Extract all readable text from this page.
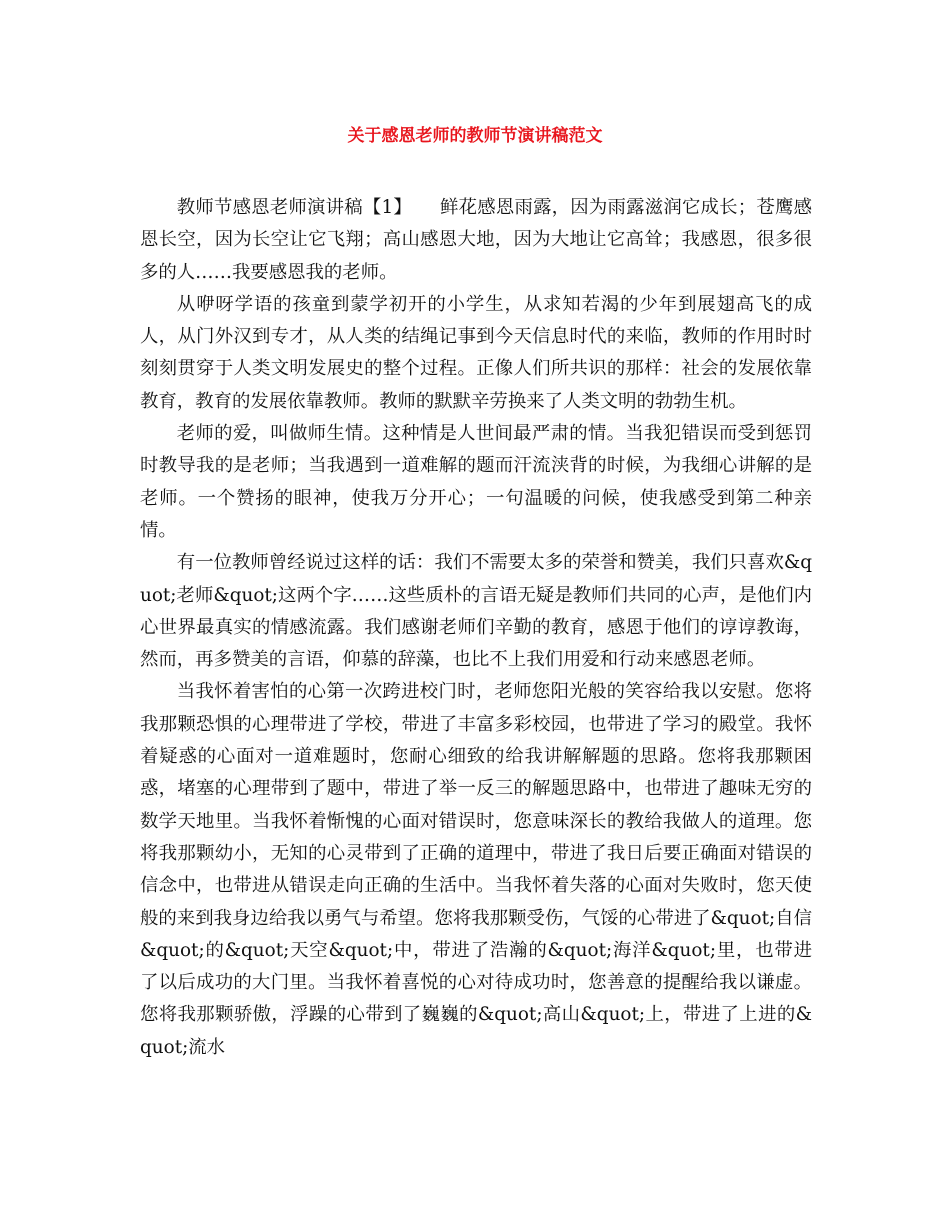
关于感恩老师的教师节演讲稿范文

教师节感恩老师演讲稿【1】　　鲜花感恩雨露，因为雨露滋润它成长；苍鹰感恩长空，因为长空让它飞翔；高山感恩大地，因为大地让它高耸；我感恩，很多很多的人……我要感恩我的老师。

从咿呀学语的孩童到蒙学初开的小学生，从求知若渴的少年到展翅高飞的成人，从门外汉到专才，从人类的结绳记事到今天信息时代的来临，教师的作用时时刻刻贯穿于人类文明发展史的整个过程。正像人们所共识的那样：社会的发展依靠教育，教育的发展依靠教师。教师的默默辛劳换来了人类文明的勃勃生机。

老师的爱，叫做师生情。这种情是人世间最严肃的情。当我犯错误而受到惩罚时教导我的是老师；当我遇到一道难解的题而汗流浃背的时候，为我细心讲解的是老师。一个赞扬的眼神，使我万分开心；一句温暖的问候，使我感受到第二种亲情。

有一位教师曾经说过这样的话：我们不需要太多的荣誉和赞美，我们只喜欢&quot;老师&quot;这两个字……这些质朴的言语无疑是教师们共同的心声，是他们内心世界最真实的情感流露。我们感谢老师们辛勤的教育，感恩于他们的谆谆教诲，然而，再多赞美的言语，仰慕的辞藻，也比不上我们用爱和行动来感恩老师。

当我怀着害怕的心第一次跨进校门时，老师您阳光般的笑容给我以安慰。您将我那颗恐惧的心理带进了学校，带进了丰富多彩校园，也带进了学习的殿堂。我怀着疑惑的心面对一道难题时，您耐心细致的给我讲解解题的思路。您将我那颗困惑，堵塞的心理带到了题中，带进了举一反三的解题思路中，也带进了趣味无穷的数学天地里。当我怀着惭愧的心面对错误时，您意味深长的教给我做人的道理。您将我那颗幼小，无知的心灵带到了正确的道理中，带进了我日后要正确面对错误的信念中，也带进从错误走向正确的生活中。当我怀着失落的心面对失败时，您天使般的来到我身边给我以勇气与希望。您将我那颗受伤，气馁的心带进了&quot;自信&quot;的&quot;天空&quot;中，带进了浩瀚的&quot;海洋&quot;里，也带进了以后成功的大门里。当我怀着喜悦的心对待成功时，您善意的提醒给我以谦虚。您将我那颗骄傲，浮躁的心带到了巍巍的&quot;高山&quot;上，带进了上进的&quot;流水
